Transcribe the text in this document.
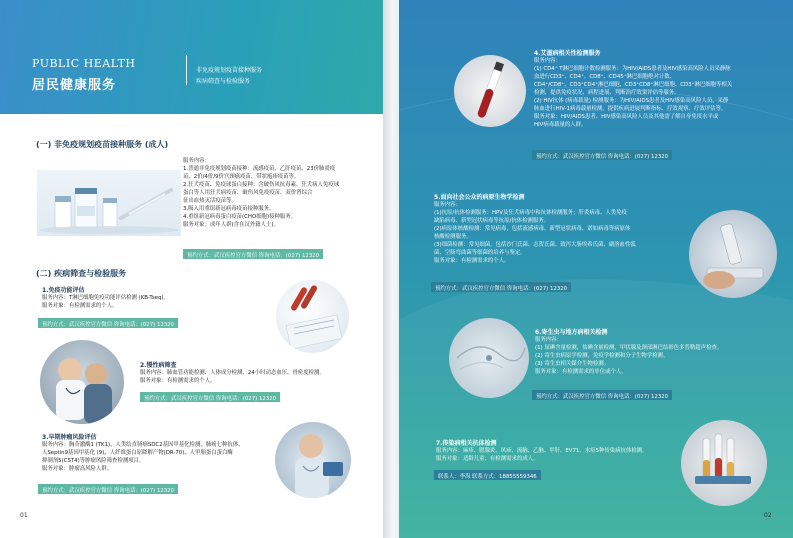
PUBLIC HEALTH
居民健康服务
非免疫规划疫苗接种服务
疾病筛查与检验服务
(一) 非免疫规划疫苗接种服务 (成人)
服务内容：
1.普通非免疫规划疫苗接种：流感疫苗、乙肝疫苗、23价肺炎疫
苗、2价/4价/9价宫颈癌疫苗、带状疱疹疫苗等。
2.狂犬疫苗、免疫球蛋白接种：含破伤风抗毒素、狂犬病人免疫球
蛋白等人用狂犬病疫苗、破伤风免疫疫苗、双价肾综合
征出血热灭活疫苗等。
3.吸入用重组新冠病毒疫苗接种服务。
4.重组新冠病毒蛋白疫苗(CHO细胞)接种服务。
服务对象：成年人群(含在汉外籍人士)。
预约方式：武汉疾控官方微信 咨询电话：(027) 12320
(二) 疾病筛查与检验服务
1.免疫功能评估
服务内容：T淋巴细胞免疫功能评估检测 (KB-Tseq)。
服务对象：有检测需求的个人。
预约方式：武汉疾控官方微信 咨询电话：(027) 12320
2.慢性病筛查
服务内容：肺血管功能检测、人体成分检测、24小时动态血压、骨密度检测。
服务对象：有检测需求的个人。
预约方式：武汉疾控官方微信 咨询电话：(027) 12320
3.早期肿瘤风险评估
服务内容：胸苷激酶1 (TK1)、人类结直肠癌SDC2基因甲基化检测、肺癌七种抗体、
人Septin9基因甲基化 (9)、人纤维蛋白原降解产物(DR-70)、人甲胎蛋白蛋白酶
抑制剂5(CST4)等肿瘤风险筛查检测项目。
服务对象：肿瘤高风险人群。
预约方式：武汉疾控官方微信 咨询电话：(027) 12320
01
4.艾滋病相关性检测服务
服务内容：
(1) CD4⁺ T淋巴细胞计数检测服务：为HIV/AIDS患者及HIV感染高风险人员采静脉
血进行CD3⁺、CD4⁺、CD8⁺、CD45⁺淋巴细胞绝对计数、
CD4⁺/CD8⁺、CD3⁺CD4⁺淋巴细胞、CD3⁺CD8⁺淋巴细胞、CD3⁺淋巴细胞等相关
检测，提供免疫状况、病程进展、判断治疗效果评估等服务。
(2) HIV抗体 (病毒载量) 检测服务：为HIV/AIDS患者及HIV感染高风险人员，采静
脉血进行HIV-1病毒载量检测，提供疾病进展判断指标、疗效观察、疗效评估等。
服务对象：HIV/AIDS患者、HIV感染高风险人员及其他需了解自身免疫水平或
HIV病毒载量的人群。
预约方式：武汉疾控官方微信 咨询电话：(027) 12320
5.面向社会公众的病原生物学检测
服务内容：
(1)抗原/抗体检测服务：HPV及狂犬病毒中和抗体检测服务；肝炎病毒、人类免疫
缺陷病毒、新型冠状病毒等抗原/抗体检测服务。
(2)病原体核酸检测：常见病毒，包括流感病毒、新型冠状病毒、诺如病毒等病原体
核酸检测服务。
(3)细菌检测：常见细菌，包括沙门氏菌、志贺氏菌、致泻大肠埃希氏菌、副溶血性弧
菌、空肠弯曲菌等细菌的培养与鉴定。
服务对象：有检测需求的个人。
预约方式：武汉疾控官方微信 咨询电话：(027) 12320
6.寄生虫与地方病相关检测
服务内容：
(1) 尿碘含量检测，盐碘含量检测，甲状腺及颈部淋巴结彩色多普勒超声检查。
(2) 寄生虫病原学检测，免疫学检测和分子生物学检测。
(3) 寄生虫相关媒介生物检测。
服务对象：有检测需求的单位或个人。
预约方式：武汉疾控官方微信 咨询电话：(027) 12320
7.传染病相关抗体检测
服务内容：麻疹、腮腺炎、风疹、流脑、乙脑、甲肝、EV71、水痘5种传染病抗体检测。
服务对象：适龄儿童；有检测需求的成人。
联系人：李海 联系方式：18855559346
02
